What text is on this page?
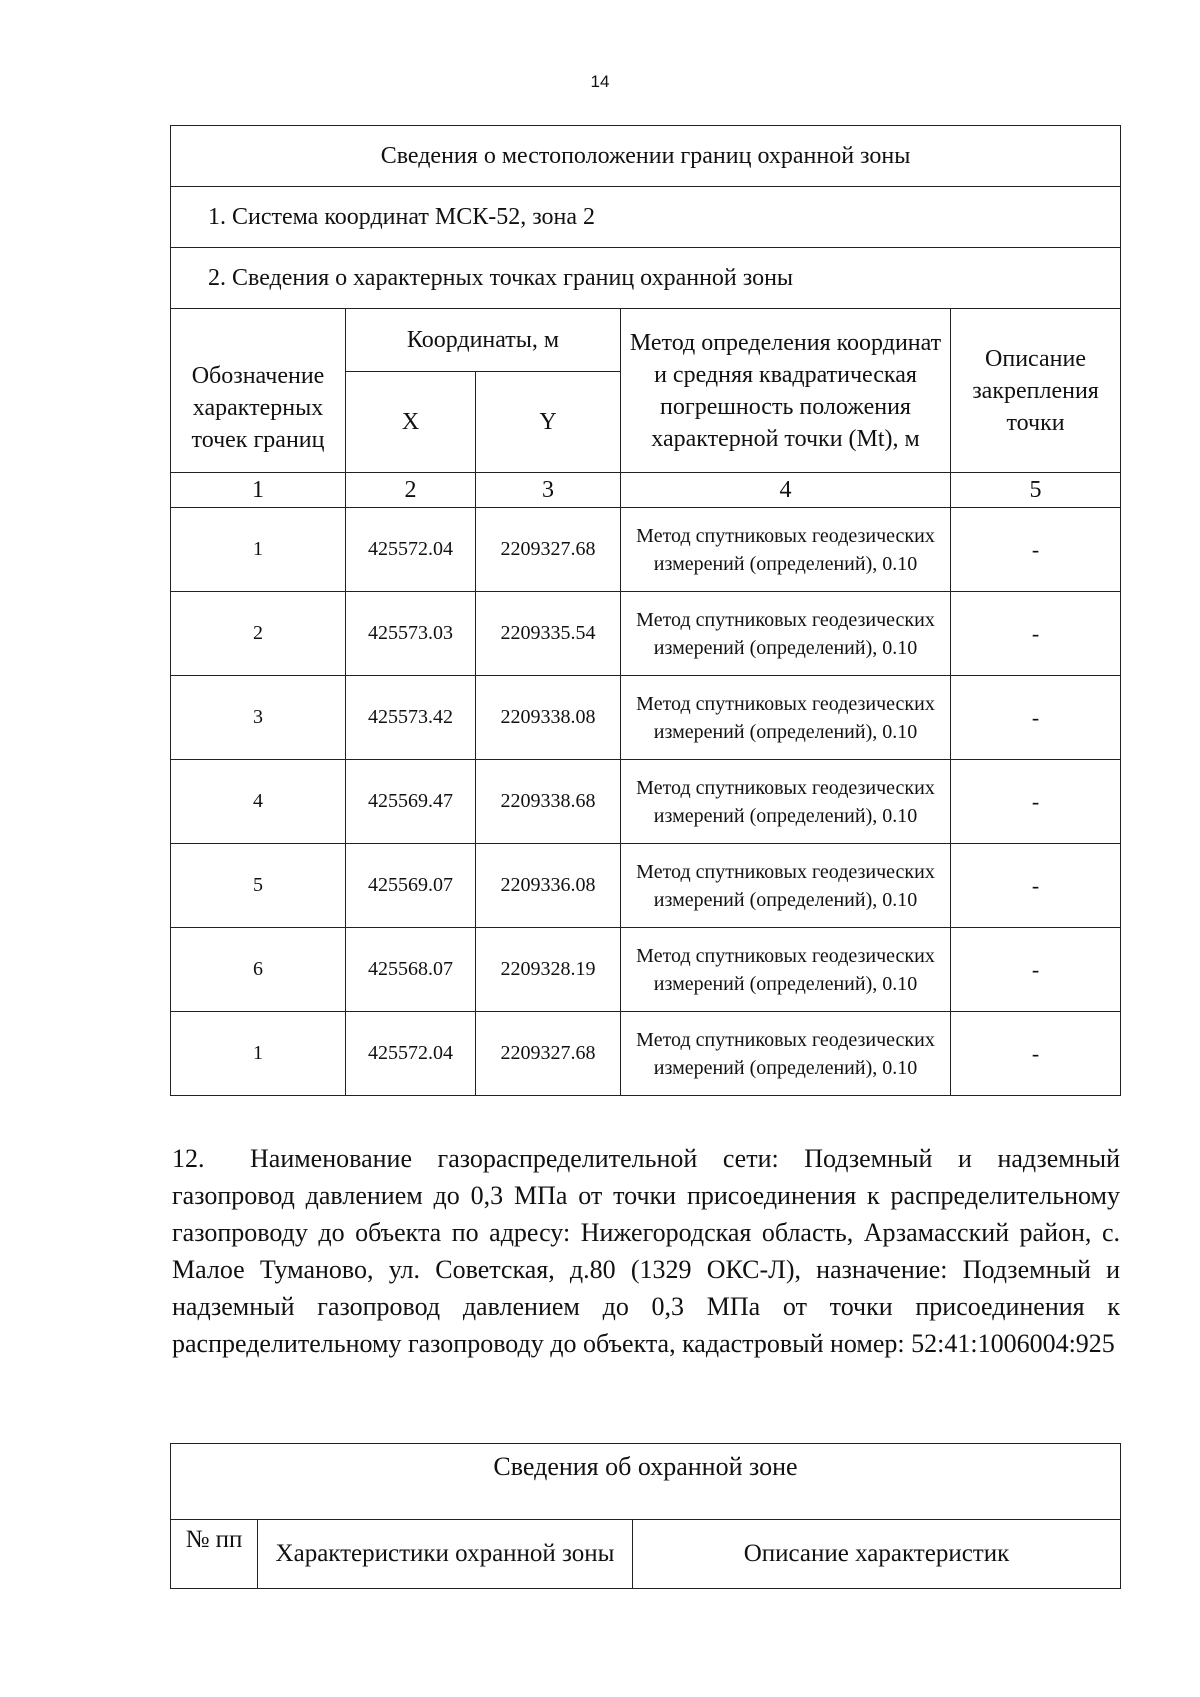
14
Сведения о местоположении границ охранной зоны				
1. Система координат МСК-52, зона 2				
2. Сведения о характерных точках границ охранной зоны				
Обозначение характерных точек границ	Координаты, м		Метод определения координат и средняя квадратическая погрешность положения характерной точки (Mt), м	Описание закрепления точки
	X	Y		
1	2	3	4	5
1	425572.04	2209327.68	Метод спутниковых геодезических измерений (определений), 0.10	-
2	425573.03	2209335.54	Метод спутниковых геодезических измерений (определений), 0.10	-
3	425573.42	2209338.08	Метод спутниковых геодезических измерений (определений), 0.10	-
4	425569.47	2209338.68	Метод спутниковых геодезических измерений (определений), 0.10	-
5	425569.07	2209336.08	Метод спутниковых геодезических измерений (определений), 0.10	-
6	425568.07	2209328.19	Метод спутниковых геодезических измерений (определений), 0.10	-
1	425572.04	2209327.68	Метод спутниковых геодезических измерений (определений), 0.10	-

12. Наименование газораспределительной сети: Подземный и надземный газопровод давлением до 0,3 МПа от точки присоединения к распределительному газопроводу до объекта по адресу: Нижегородская область, Арзамасский район, с. Малое Туманово, ул. Советская, д.80 (1329 ОКС-Л), назначение: Подземный и надземный газопровод давлением до 0,3 МПа от точки присоединения к распределительному газопроводу до объекта, кадастровый номер: 52:41:1006004:925

Сведения об охранной зоне
№ пп	Характеристики охранной зоны	Описание характеристик
